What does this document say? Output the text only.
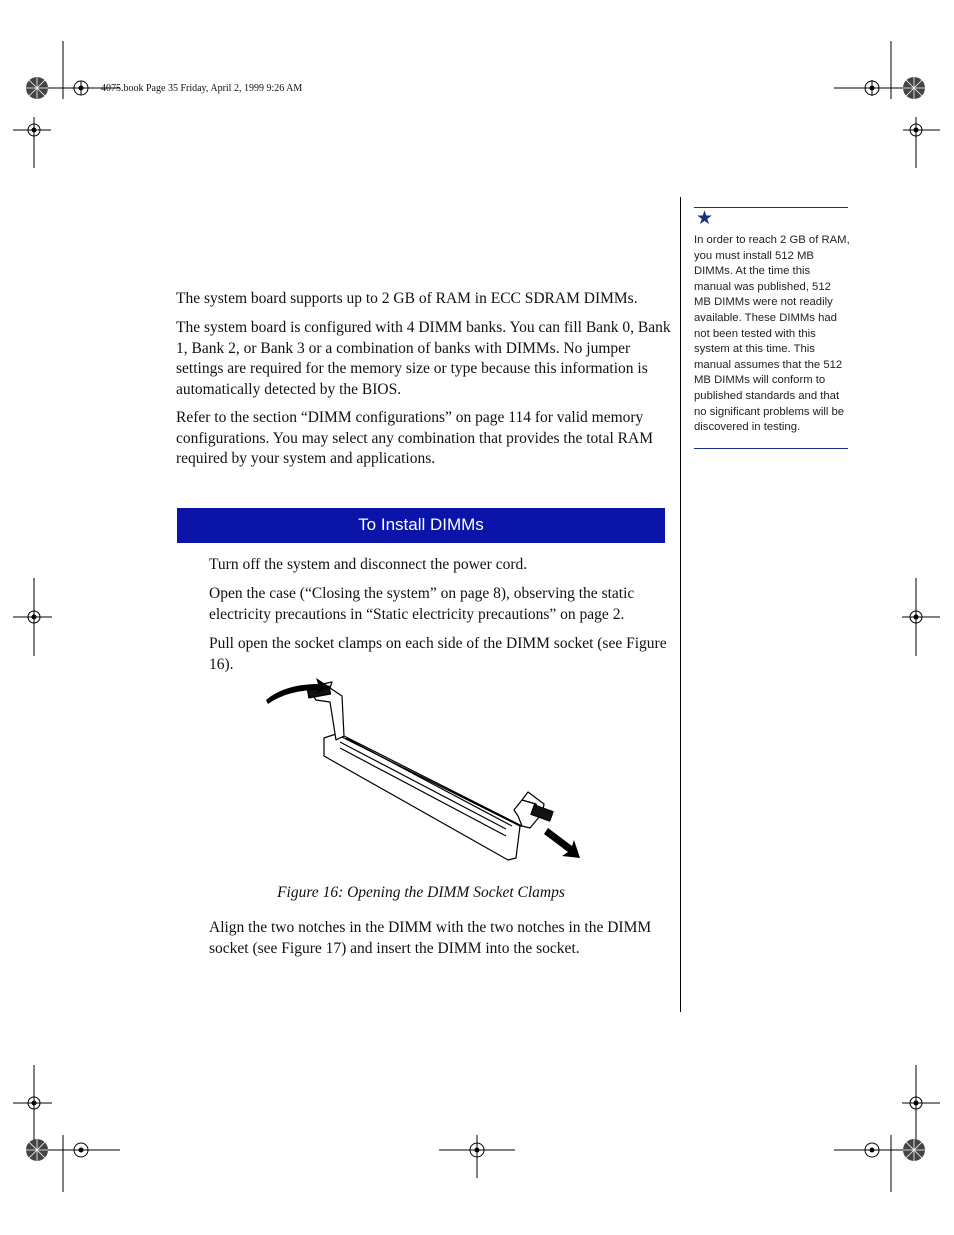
4075.book Page 35 Friday, April 2, 1999 9:26 AM
The system board supports up to 2 GB of RAM in ECC SDRAM DIMMs.
The system board is configured with 4 DIMM banks. You can fill Bank 0, Bank 1, Bank 2, or Bank 3 or a combination of banks with DIMMs. No jumper settings are required for the memory size or type because this information is automatically detected by the BIOS.
Refer to the section “DIMM configurations” on page 114 for valid memory configurations. You may select any combination that provides the total RAM required by your system and applications.
To Install DIMMs
Turn off the system and disconnect the power cord.
Open the case (“Closing the system” on page 8), observing the static electricity precautions in “Static electricity precautions” on page 2.
Pull open the socket clamps on each side of the DIMM socket (see Figure 16).
Figure 16: Opening the DIMM Socket Clamps
Align the two notches in the DIMM with the two notches in the DIMM socket (see Figure 17) and insert the DIMM into the socket.
★
In order to reach 2 GB of RAM, you must install 512 MB DIMMs. At the time this manual was published, 512 MB DIMMs were not readily available. These DIMMs had not been tested with this system at this time. This manual assumes that the 512 MB DIMMs will conform to published standards and that no significant problems will be discovered in testing.
